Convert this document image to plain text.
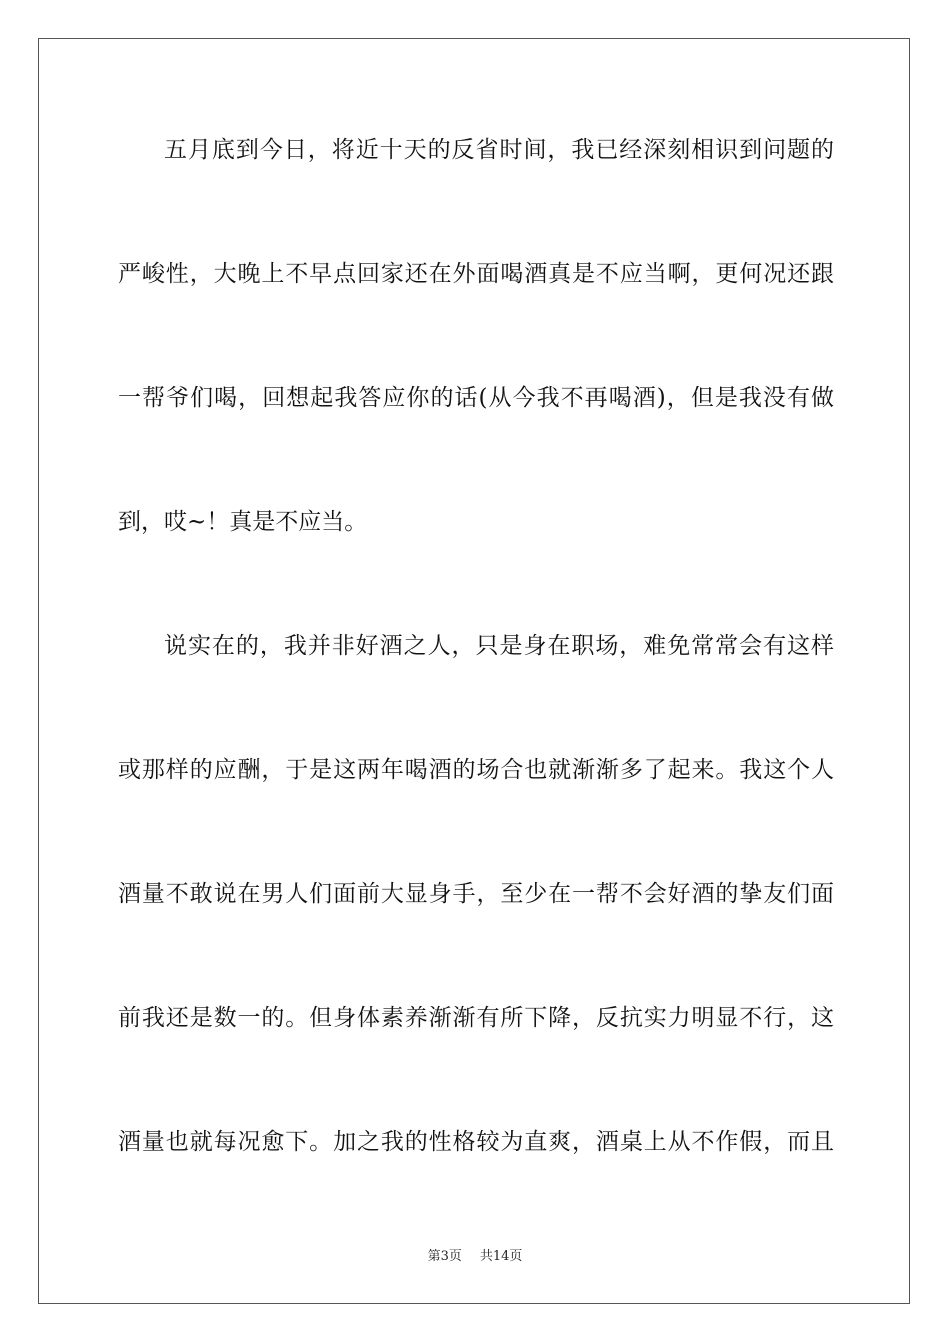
五月底到今日，将近十天的反省时间，我已经深刻相识到问题的
严峻性，大晚上不早点回家还在外面喝酒真是不应当啊，更何况还跟
一帮爷们喝，回想起我答应你的话(从今我不再喝酒)，但是我没有做
到，哎~！真是不应当。
说实在的，我并非好酒之人，只是身在职场，难免常常会有这样
或那样的应酬，于是这两年喝酒的场合也就渐渐多了起来。我这个人
酒量不敢说在男人们面前大显身手，至少在一帮不会好酒的挚友们面
前我还是数一的。但身体素养渐渐有所下降，反抗实力明显不行，这
酒量也就每况愈下。加之我的性格较为直爽，酒桌上从不作假，而且
第3页 共14页
